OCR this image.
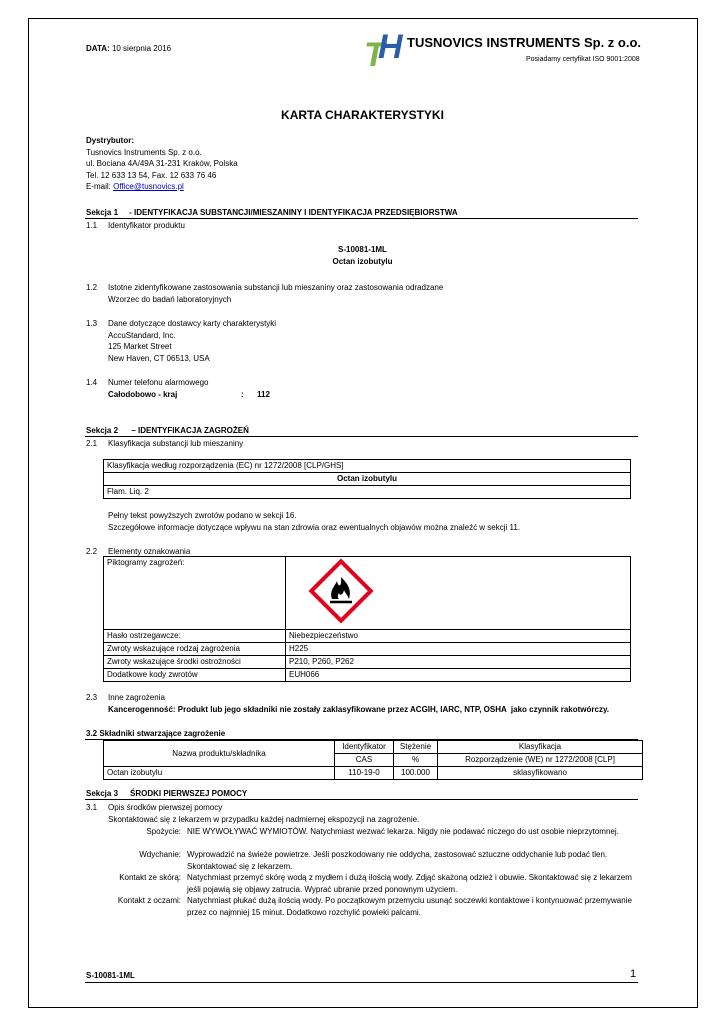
DATA: 10 sierpnia 2016	T
H TUSNOVICS INSTRUMENTS Sp. z o.o.
Posiadamy certyfikat ISO 9001:2008
KARTA CHARAKTERYSTYKI
Dystrybutor:
Tusnovics Instruments Sp. z o.o.
ul. Bociana 4A/49A 31-231 Kraków, Polska
Tel. 12 633 13 54, Fax. 12 633 76 46
E-mail: Office@tusnovics.pl
Sekcja 1     - IDENTYFIKACJA SUBSTANCJI/MIESZANINY I IDENTYFIKACJA PRZEDSIĘBIORSTWA
1.1 Identyfikator produktu
S-10081-1ML
Octan izobutylu
1.2 Istotne zidentyfikowane zastosowania substancji lub mieszaniny oraz zastosowania odradzane
Wzorzec do badań laboratoryjnych
1.3 Dane dotyczące dostawcy karty charakterystyki
AccuStandard, Inc.
125 Market Street
New Haven, CT 06513, USA
1.4 Numer telefonu alarmowego
Całodobowo - kraj	: 112
Sekcja 2      – IDENTYFIKACJA ZAGROŻEŃ
2.1 Klasyfikacja substancji lub mieszaniny
Klasyfikacja według rozporządzenia (EC) nr 1272/2008 [CLP/GHS]
Octan izobutylu
Flam. Liq. 2
Pełny tekst powyższych zwrotów podano w sekcji 16.
Szczegółowe informacje dotyczące wpływu na stan zdrowia oraz ewentualnych objawów można znaleźć w sekcji 11.
2.2 Elementy oznakowania
Piktogramy zagrożeń:	
Hasło ostrzegawcze:	Niebezpieczeństwo
Zwroty wskazujące rodzaj zagrożenia	H225
Zwroty wskazujące środki ostrożności	P210, P260, P262
Dodatkowe kody zwrotów	EUH066
2.3 Inne zagrożenia
Kancerogenność: Produkt lub jego składniki nie zostały zaklasyfikowane przez ACGIH, IARC, NTP, OSHA  jako czynnik rakotwórczy.
3.2 Składniki stwarzające zagrożenie
Nazwa produktu/składnika	Identyfikator	Stężenie	Klasyfikacja
	CAS	%	Rozporządzenie (WE) nr 1272/2008 [CLP]
Octan izobutylu	110-19-0	100.000	sklasyfikowano
Sekcja 3 ŚRODKI PIERWSZEJ POMOCY
3.1 Opis środków pierwszej pomocy
Skontaktować się z lekarzem w przypadku każdej nadmiernej ekspozycji na zagrożenie.
Spożycie: NIE WYWOŁYWAĆ WYMIOTÓW. Natychmiast wezwać lekarza. Nigdy nie podawać niczego do ust osobie nieprzytomnej.
Wdychanie: Wyprowadzić na świeże powietrze. Jeśli poszkodowany nie oddycha, zastosować sztuczne oddychanie lub podać tlen. Skontaktować się z lekarzem.
Kontakt ze skórą: Natychmiast przemyć skórę wodą z mydłem i dużą ilością wody. Zdjąć skażoną odzież i obuwie. Skontaktować się z lekarzem jeśli pojawią się objawy zatrucia. Wyprać ubranie przed ponownym użyciem.
Kontakt z oczami: Natychmiast płukać dużą ilością wody. Po początkowym przemyciu usunąć soczewki kontaktowe i kontynuować przemywanie przez co najmniej 15 minut. Dodatkowo rozchylić powieki palcami.
S-10081-1ML	1
